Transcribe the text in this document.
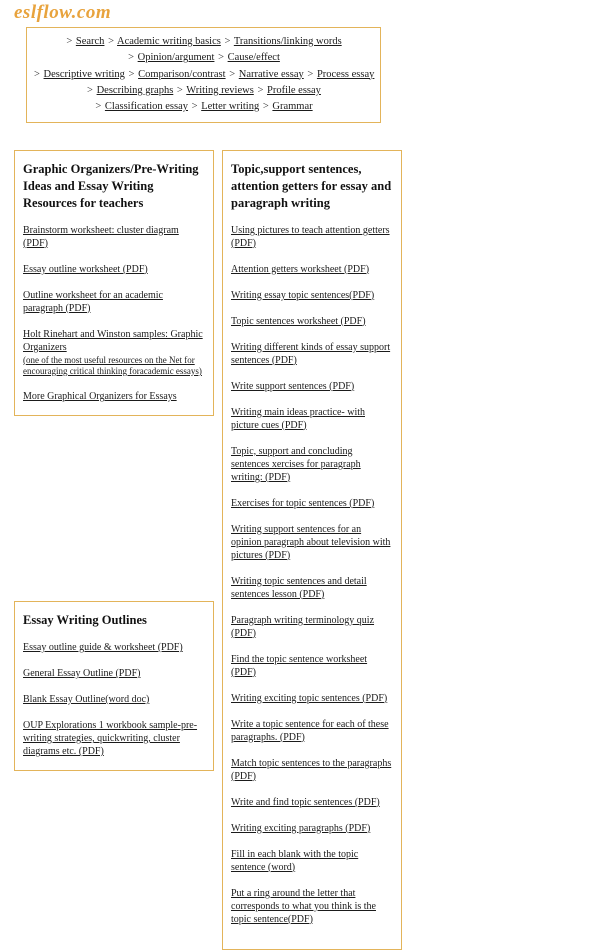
eslflow.com
> Search > Academic writing basics > Transitions/linking words
> Opinion/argument > Cause/effect
> Descriptive writing > Comparison/contrast > Narrative essay > Process essay
> Describing graphs > Writing reviews > Profile essay
> Classification essay > Letter writing > Grammar
Graphic Organizers/Pre-Writing Ideas and Essay Writing Resources for teachers
Brainstorm worksheet: cluster diagram (PDF)
Essay outline worksheet (PDF)
Outline worksheet for an academic paragraph (PDF)
Holt Rinehart and Winston samples: Graphic Organizers
(one of the most useful resources on the Net for encouraging critical thinking foracademic essays)
More Graphical Organizers for Essays
Essay Writing Outlines
Essay outline guide & worksheet (PDF)
General Essay Outline (PDF)
Blank Essay Outline(word doc)
OUP Explorations 1 workbook sample-pre-writing strategies, quickwriting, cluster diagrams etc. (PDF)
Topic,support sentences, attention getters for essay and paragraph writing
Using pictures to teach attention getters (PDF)
Attention getters worksheet (PDF)
Writing essay topic sentences(PDF)
Topic sentences worksheet (PDF)
Writing different kinds of essay support sentences (PDF)
Write support sentences (PDF)
Writing main ideas practice- with picture cues (PDF)
Topic, support and concluding sentences xercises for paragraph writing: (PDF)
Exercises for topic sentences (PDF)
Writing support sentences for an opinion paragraph about television with pictures (PDF)
Writing topic sentences and detail sentences lesson (PDF)
Paragraph writing terminology quiz (PDF)
Find the topic sentence worksheet (PDF)
Writing exciting topic sentences (PDF)
Write a topic sentence for each of these paragraphs. (PDF)
Match topic sentences to the paragraphs (PDF)
Write and find topic sentences (PDF)
Writing exciting paragraphs (PDF)
Fill in each blank with the topic sentence (word)
Put a ring around the letter that corresponds to what you think is the topic sentence(PDF)
